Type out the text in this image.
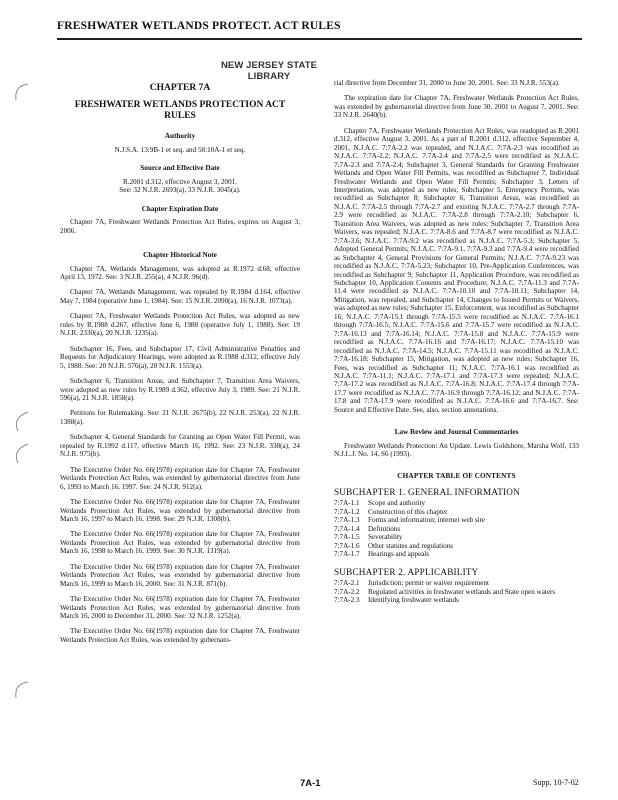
FRESHWATER WETLANDS PROTECT. ACT RULES
NEW JERSEY STATE LIBRARY
CHAPTER 7A
FRESHWATER WETLANDS PROTECTION ACT RULES
Authority
N.J.S.A. 13:9B-1 et seq. and 58:10A-1 et seq.
Source and Effective Date
R.2001 d.312, effective August 3, 2001.
See: 32 N.J.R. 2693(a), 33 N.J.R. 3045(a).
Chapter Expiration Date

Chapter 7A, Freshwater Wetlands Protection Act Rules, expires on August 3, 2006.

Chapter Historical Note

Chapter 7A, Wetlands Management, was adopted as R.1972 d.68, effective April 13, 1972. See: 3 N.J.R. 255(a), 4 N.J.R. 96(d).

Chapter 7A, Wetlands Management, was repealed by R.1984 d.164, effective May 7, 1984 (operative June 1, 1984). See: 15 N.J.R. 2090(a), 16 N.J.R. 1073(a).

Chapter 7A, Freshwater Wetlands Protection Act Rules, was adopted as new rules by R.1988 d.267, effective June 6, 1988 (operative July 1, 1988). See: 19 N.J.R. 2330(a), 20 N.J.R. 1235(a).

Subchapter 16, Fees, and Subchapter 17, Civil Administrative Penalties and Requests for Adjudicatory Hearings, were adopted as R.1988 d.312, effective July 5, 1988. See: 20 N.J.R. 576(a), 20 N.J.R. 1553(a).

Subchapter 6, Transition Areas, and Subchapter 7, Transition Area Waivers, were adopted as new rules by R.1989 d.362, effective July 3, 1989. See: 21 N.J.R. 596(a), 21 N.J.R. 1858(a).

Petitions for Rulemaking. See: 21 N.J.R. 2675(b), 22 N.J.R. 253(a), 22 N.J.R. 1388(a).

Subchapter 4, General Standards for Granting an Open Water Fill Permit, was repealed by R.1992 d.117, effective March 16, 1992. See: 23 N.J.R. 338(a), 24 N.J.R. 975(b).

The Executive Order No. 66(1978) expiration date for Chapter 7A, Freshwater Wetlands Protection Act Rules, was extended by gubernatorial directive from June 6, 1993 to March 16, 1997. See: 24 N.J.R. 912(a).

The Executive Order No. 66(1978) expiration date for Chapter 7A, Freshwater Wetlands Protection Act Rules, was extended by gubernatorial directive from March 16, 1997 to March 16, 1998. See: 29 N.J.R. 1308(b).

The Executive Order No. 66(1978) expiration date for Chapter 7A, Freshwater Wetlands Protection Act Rules, was extended by gubernatorial directive from March 16, 1998 to March 16, 1999. See: 30 N.J.R. 1319(a).

The Executive Order No. 66(1978) expiration date for Chapter 7A, Freshwater Wetlands Protection Act Rules, was extended by gubernatorial directive from March 16, 1999 to March 16, 2000. See: 31 N.J.R. 871(b).

The Executive Order No. 66(1978) expiration date for Chapter 7A, Freshwater Wetlands Protection Act Rules, was extended by gubernatorial directive from March 16, 2000 to December 31, 2000. See: 32 N.J.R. 1252(a).

The Executive Order No. 66(1978) expiration date for Chapter 7A, Freshwater Wetlands Protection Act Rules, was extended by gubernato-

rial directive from December 31, 2000 to June 30, 2001. See: 33 N.J.R. 553(a).

The expiration date for Chapter 7A, Freshwater Wetlands Protection Act Rules, was extended by gubernatorial directive from June 30, 2001 to August 7, 2001. See: 33 N.J.R. 2640(b).

Chapter 7A, Freshwater Wetlands Protection Act Rules, was readopted as R.2001 d.312, effective August 3, 2001. As a part of R.2001 d.312, effective September 4, 2001, N.J.A.C. 7:7A-2.2 was repealed, and N.J.A.C. 7:7A-2.3 was recodified as N.J.A.C. 7:7A-2.2; N.J.A.C. 7:7A-2.4 and 7:7A-2.5 were recodified as N.J.A.C. 7:7A-2.3 and 7:7A-2.4; Subchapter 3, General Standards for Granting Freshwater Wetlands and Open Water Fill Permits, was recodified as Subchapter 7, Individual Freshwater Wetlands and Open Water Fill Permits; Subchapter 3, Letters of Interpretation, was adopted as new rules; Subchapter 5, Emergency Permits, was recodified as Subchapter 8; Subchapter 6, Transition Areas, was recodified as N.J.A.C. 7:7A-2.5 through 7:7A-2.7 and existing N.J.A.C. 7:7A-2.7 through 7:7A-2.9 were recodified as N.J.A.C. 7:7A-2.8 through 7:7A-2.10; Subchapter 6, Transition Area Waivers, was adopted as new rules; Subchapter 7, Transition Area Waivers, was repealed; N.J.A.C. 7:7A-8.6 and 7:7A-8.7 were recodified as N.J.A.C. 7:7A-3.6; N.J.A.C. 7:7A-9.2 was recodified as N.J.A.C. 7:7A-5.3; Subchapter 5, Adopted General Permits; N.J.A.C. 7:7A-9.1, 7:7A-9.3 and 7:7A-9.4 were recodified as Subchapter 4, General Provisions for General Permits; N.J.A.C. 7:7A-9.23 was recodified as N.J.A.C. 7:7A-5.23; Subchapter 10, Pre-Application Conferences, was recodified as Subchapter 9; Subchapter 11, Application Procedure, was recodified as Subchapter 10, Application Contents and Procedure; N.J.A.C. 7:7A-11.3 and 7:7A-11.4 were recodified as N.J.A.C. 7:7A-10.10 and 7:7A-10.11; Subchapter 14, Mitigation, was repealed, and Subchapter 14, Changes to Issued Permits or Waivers, was adopted as new rules; Subchapter 15, Enforcement, was recodified as Subchapter 16; N.J.A.C. 7:7A-15.1 through 7:7A-15.5 were recodified as N.J.A.C. 7:7A-16.1 through 7:7A-16.5; N.J.A.C. 7:7A-15.6 and 7:7A-15.7 were recodified as N.J.A.C. 7:7A-16.13 and 7:7A-16.14; N.J.A.C. 7:7A-15.8 and N.J.A.C. 7:7A-15.9 were recodified as N.J.A.C. 7:7A-16.16 and 7:7A-16.17; N.J.A.C. 7:7A-15.10 was recodified as N.J.A.C. 7:7A-14.5; N.J.A.C. 7:7A-15.11 was recodified as N.J.A.C. 7:7A-16.18; Subchapter 15, Mitigation, was adopted as new rules; Subchapter 16, Fees, was recodified as Subchapter 11; N.J.A.C. 7:7A-16.1 was recodified as N.J.A.C. 7:7A-11.1; N.J.A.C. 7:7A-17.1 and 7:7A-17.3 were repealed; N.J.A.C. 7:7A-17.2 was recodified as N.J.A.C. 7:7A-16.8; N.J.A.C. 7:7A-17.4 through 7:7A-17.7 were recodified as N.J.A.C. 7:7A-16.9 through 7:7A-16.12; and N.J.A.C. 7:7A-17.8 and 7:7A-17.9 were recodified as N.J.A.C. 7:7A-16.6 and 7:7A-16.7. See: Source and Effective Date. See, also, section annotations.

Law Review and Journal Commentaries

Freshwater Wetlands Protection: An Update. Lewis Goldshore, Marsha Wolf, 133 N.J.L.J. No. 14, S6 (1993).

CHAPTER TABLE OF CONTENTS
SUBCHAPTER 1. GENERAL INFORMATION
7:7A-1.1	Scope and authority
7:7A-1.2	Construction of this chapter
7:7A-1.3	Forms and information; internet web site
7:7A-1.4	Definitions
7:7A-1.5	Severability
7:7A-1.6	Other statutes and regulations
7:7A-1.7	Hearings and appeals
SUBCHAPTER 2. APPLICABILITY
7:7A-2.1	Jurisdiction; permit or waiver requirement
7:7A-2.2	Regulated activities in freshwater wetlands and State open waters
7:7A-2.3	Identifying freshwater wetlands
7A-1	Supp. 10-7-02
